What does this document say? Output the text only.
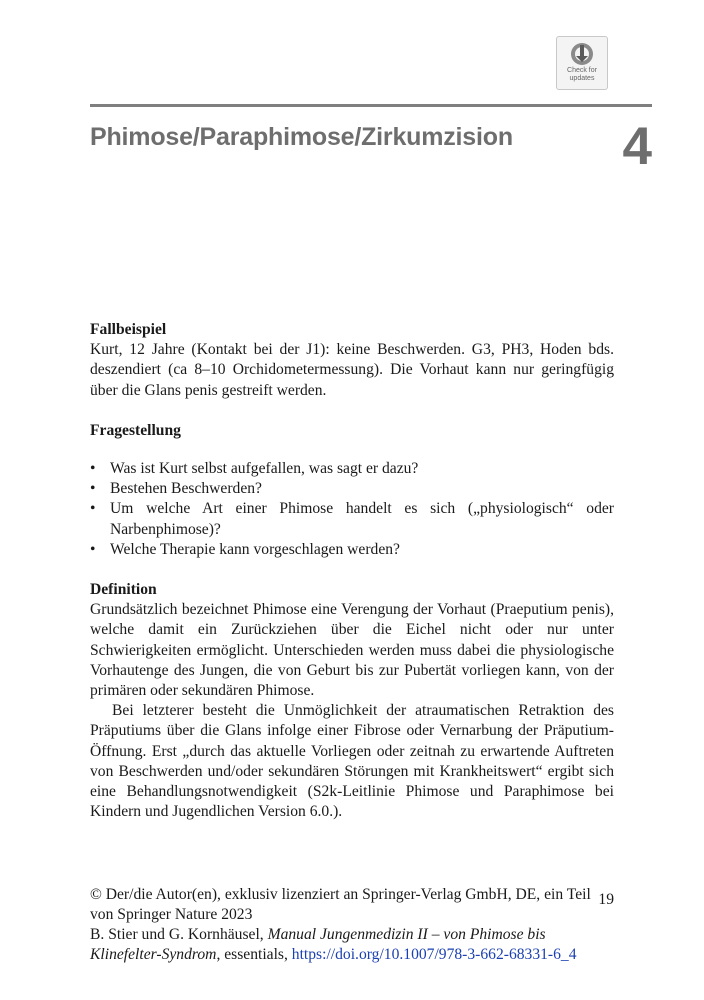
Check for
updates
Phimose/Paraphimose/Zirkumzision 4
Fallbeispiel

Kurt, 12 Jahre (Kontakt bei der J1): keine Beschwerden. G3, PH3, Hoden bds. deszendiert (ca 8–10 Orchidometermessung). Die Vorhaut kann nur geringfügig über die Glans penis gestreift werden.

Fragestellung
• Was ist Kurt selbst aufgefallen, was sagt er dazu?
• Bestehen Beschwerden?
• Um welche Art einer Phimose handelt es sich („physiologisch“ oder Narbenphimose)?
• Welche Therapie kann vorgeschlagen werden?
Definition

Grundsätzlich bezeichnet Phimose eine Verengung der Vorhaut (Praeputium penis), welche damit ein Zurückziehen über die Eichel nicht oder nur unter Schwierigkeiten ermöglicht. Unterschieden werden muss dabei die physiologische Vorhautenge des Jungen, die von Geburt bis zur Pubertät vorliegen kann, von der primären oder sekundären Phimose.

Bei letzterer besteht die Unmöglichkeit der atraumatischen Retraktion des Präputiums über die Glans infolge einer Fibrose oder Vernarbung der Präputium-Öffnung. Erst „durch das aktuelle Vorliegen oder zeitnah zu erwartende Auftreten von Beschwerden und/oder sekundären Störungen mit Krankheitswert“ ergibt sich eine Behandlungsnotwendigkeit (S2k-Leitlinie Phimose und Paraphimose bei Kindern und Jugendlichen Version 6.0.).

© Der/die Autor(en), exklusiv lizenziert an Springer-Verlag GmbH, DE, ein Teil
von Springer Nature 2023
19
B. Stier und G. Kornhäusel, Manual Jungenmedizin II – von Phimose bis
Klinefelter-Syndrom, essentials, https://doi.org/10.1007/978-3-662-68331-6_4
